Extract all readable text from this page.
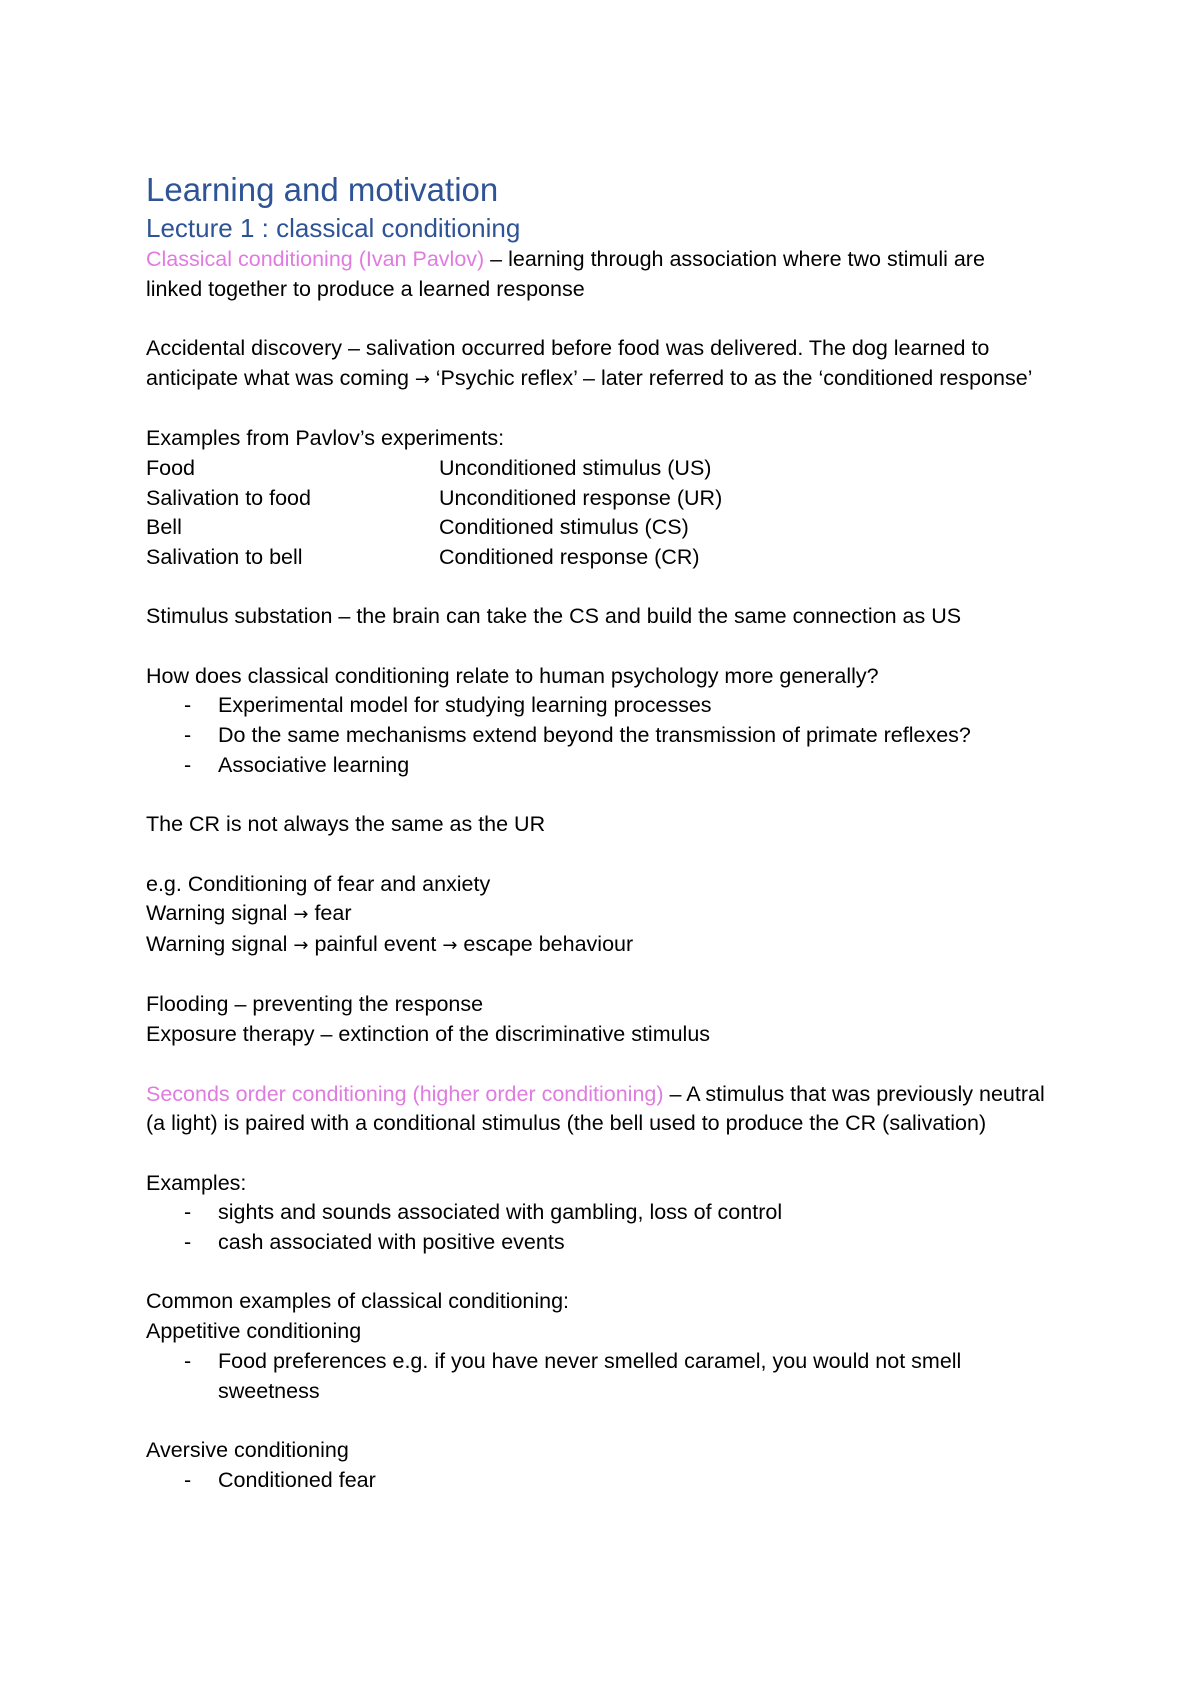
Learning and motivation
Lecture 1 : classical conditioning

Classical conditioning (Ivan Pavlov) – learning through association where two stimuli are linked together to produce a learned response

Accidental discovery – salivation occurred before food was delivered. The dog learned to anticipate what was coming → ‘Psychic reflex’ – later referred to as the ‘conditioned response’

Examples from Pavlov’s experiments:

Food	Unconditioned stimulus (US)
Salivation to food	Unconditioned response (UR)
Bell	Conditioned stimulus (CS)
Salivation to bell	Conditioned response (CR)

Stimulus substation – the brain can take the CS and build the same connection as US

How does classical conditioning relate to human psychology more generally?

- Experimental model for studying learning processes
- Do the same mechanisms extend beyond the transmission of primate reflexes?
- Associative learning

The CR is not always the same as the UR

e.g. Conditioning of fear and anxiety

Warning signal → fear

Warning signal → painful event → escape behaviour

Flooding – preventing the response

Exposure therapy – extinction of the discriminative stimulus

Seconds order conditioning (higher order conditioning) – A stimulus that was previously neutral (a light) is paired with a conditional stimulus (the bell used to produce the CR (salivation)

Examples:

- sights and sounds associated with gambling, loss of control
- cash associated with positive events

Common examples of classical conditioning:

Appetitive conditioning

- Food preferences e.g. if you have never smelled caramel, you would not smell sweetness

Aversive conditioning

- Conditioned fear
